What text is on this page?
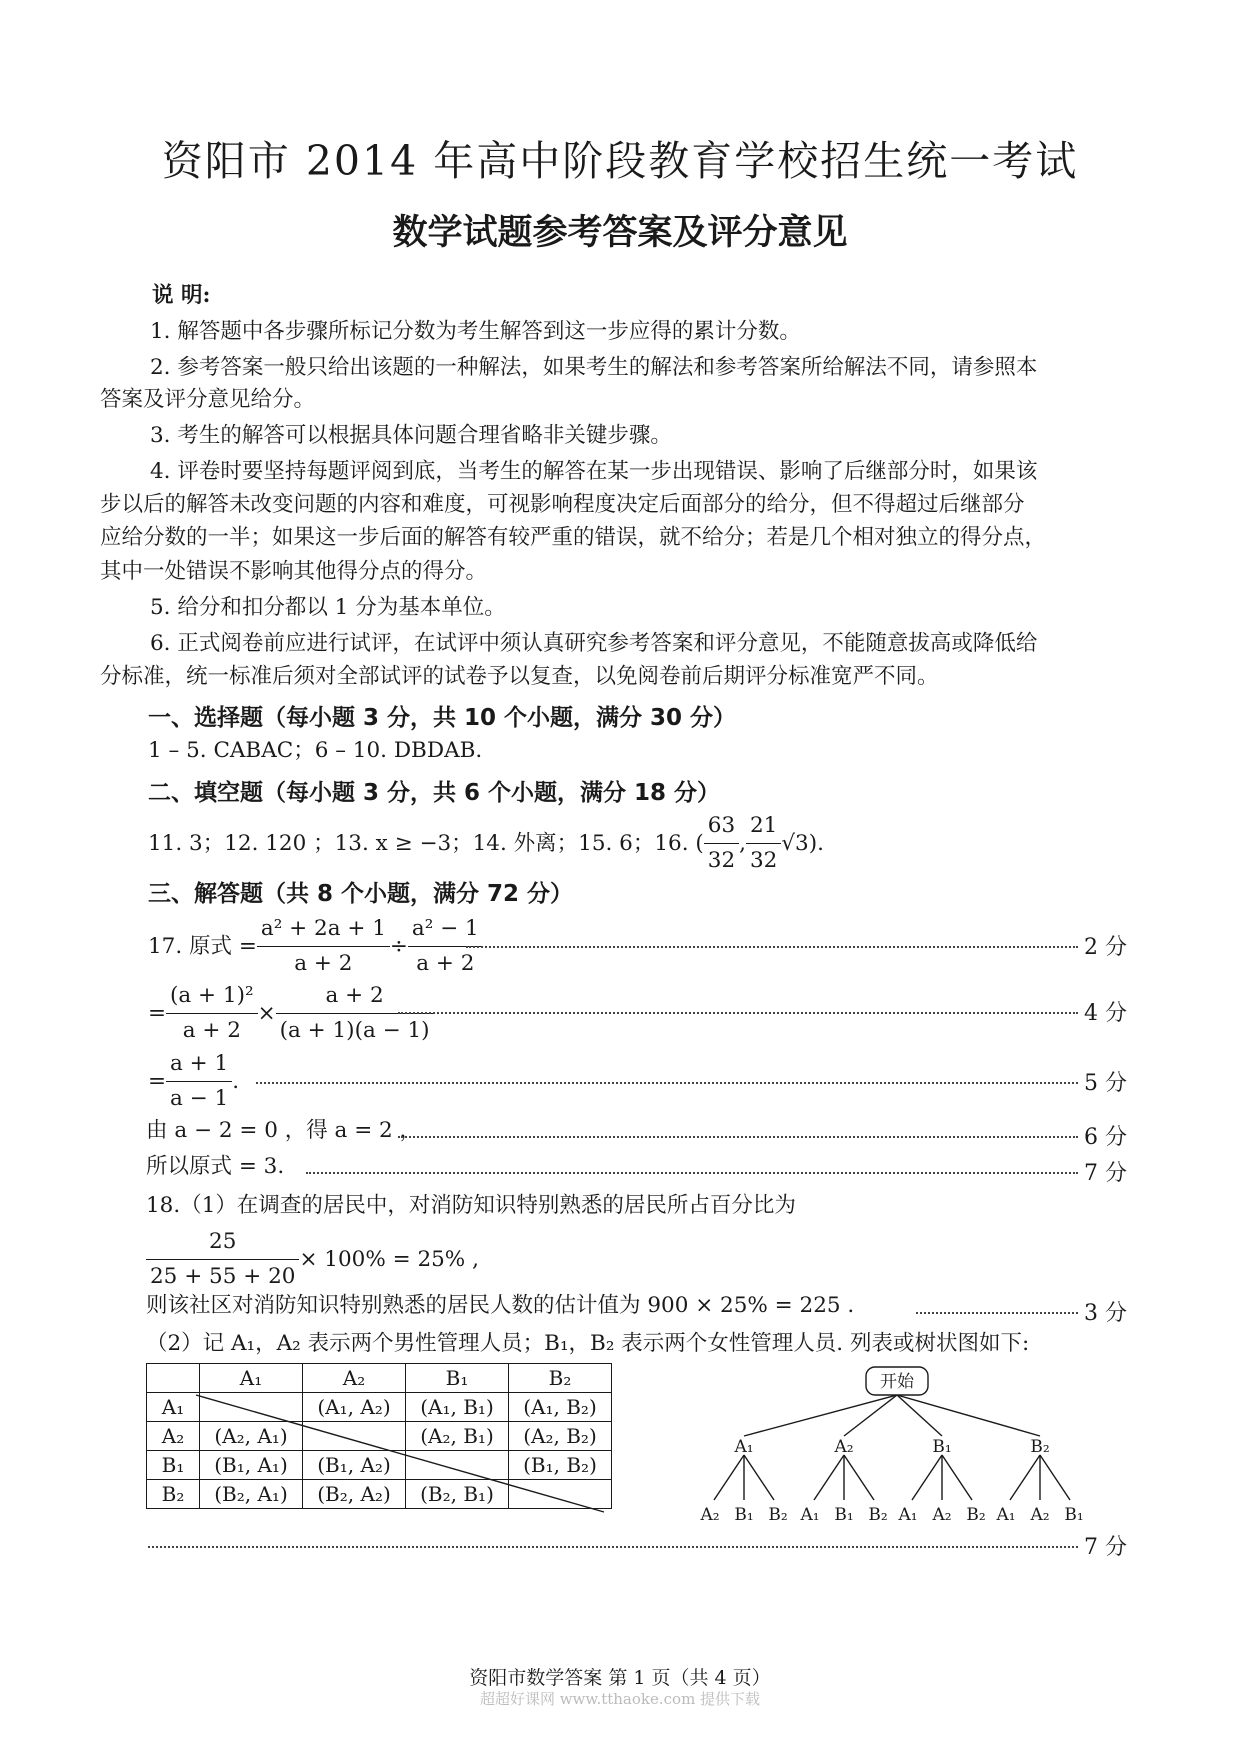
资阳市 2014 年高中阶段教育学校招生统一考试
数学试题参考答案及评分意见
说 明:
1. 解答题中各步骤所标记分数为考生解答到这一步应得的累计分数。
2. 参考答案一般只给出该题的一种解法，如果考生的解法和参考答案所给解法不同，请参照本
答案及评分意见给分。
3. 考生的解答可以根据具体问题合理省略非关键步骤。
4. 评卷时要坚持每题评阅到底，当考生的解答在某一步出现错误、影响了后继部分时，如果该
步以后的解答未改变问题的内容和难度，可视影响程度决定后面部分的给分，但不得超过后继部分
应给分数的一半；如果这一步后面的解答有较严重的错误，就不给分；若是几个相对独立的得分点，
其中一处错误不影响其他得分点的得分。
5. 给分和扣分都以 1 分为基本单位。
6. 正式阅卷前应进行试评，在试评中须认真研究参考答案和评分意见，不能随意拔高或降低给
分标准，统一标准后须对全部试评的试卷予以复查，以免阅卷前后期评分标准宽严不同。
一、选择题（每小题 3 分，共 10 个小题，满分 30 分）
1 – 5. CABAC；6 – 10. DBDAB.
二、填空题（每小题 3 分，共 6 个小题，满分 18 分）
11. 3；12. 120 ；13. x ≥ −3；14. 外离；15. 6；16. ( $\frac{63}{32}$ , $\frac{21}{32} √3$).
三、解答题（共 8 个小题，满分 72 分）
17. 原式 = $\frac{\text{a² + 2a + 1}}{a + 2} \div \frac{\text{a² − 1}}{a + 2}$	2 分
= $\frac{\text{(a + 1)²}}{a + 2} \times \frac{a + 2}{(a + 1)(a - 1)}$	4 分
= $\frac{a + 1}{a - 1}$ .	5 分
由 a − 2 = 0 ，得 a = 2 ，	6 分
所以原式 = 3.	7 分
18.（1）在调查的居民中，对消防知识特别熟悉的居民所占百分比为
$\frac{25}{25 + 55 + 20} \times 100\% = 25\%$ ,
则该社区对消防知识特别熟悉的居民人数的估计值为 900 × 25% = 225 .	3 分
（2）记 A₁，A₂ 表示两个男性管理人员；B₁，B₂ 表示两个女性管理人员. 列表或树状图如下:
	A₁	A₂	B₁	B₂
A₁		(A₁, A₂)	(A₁, B₁)	(A₁, B₂)
A₂	(A₂, A₁)		(A₂, B₁)	(A₂, B₂)
B₁	(B₁, A₁)	(B₁, A₂)		(B₁, B₂)
B₂	(B₂, A₁)	(B₂, A₂)	(B₂, B₁)	
开始
A₁	A₂	B₁	B₂
A₂ B₁ B₂ A₁ B₁ B₂ A₁ A₂ B₂ A₁ A₂ B₁
7 分
资阳市数学答案 第 1 页（共 4 页）
超超好课网 www.tthaoke.com 提供下载
